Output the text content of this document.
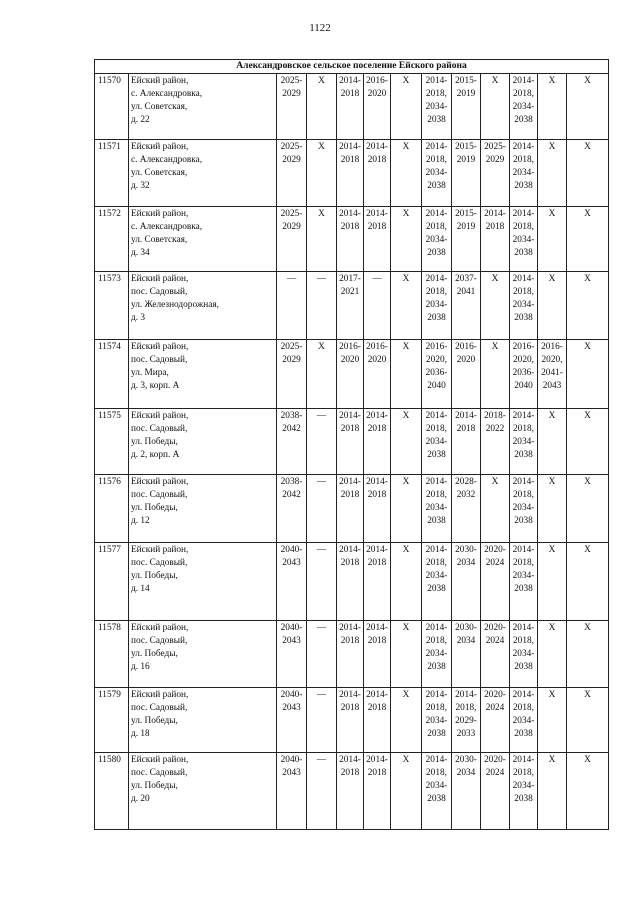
1122
Александровское сельское поселение Ейского района												
11570	Ейский район,
с. Александровка,
ул. Советская,
д. 22	2025-
2029	X	2014-
2018	2016-
2020	X	2014-
2018,
2034-
2038	2015-
2019	X	2014-
2018,
2034-
2038	X	X
11571	Ейский район,
с. Александровка,
ул. Советская,
д. 32	2025-
2029	X	2014-
2018	2014-
2018	X	2014-
2018,
2034-
2038	2015-
2019	2025-
2029	2014-
2018,
2034-
2038	X	X
11572	Ейский район,
с. Александровка,
ул. Советская,
д. 34	2025-
2029	X	2014-
2018	2014-
2018	X	2014-
2018,
2034-
2038	2015-
2019	2014-
2018	2014-
2018,
2034-
2038	X	X
11573	Ейский район,
пос. Садовый,
ул. Железнодорожная,
д. 3	—	—	2017-
2021	—	X	2014-
2018,
2034-
2038	2037-
2041	X	2014-
2018,
2034-
2038	X	X
11574	Ейский район,
пос. Садовый,
ул. Мира,
д. 3, корп. А	2025-
2029	X	2016-
2020	2016-
2020	X	2016-
2020,
2036-
2040	2016-
2020	X	2016-
2020,
2036-
2040	2016-
2020,
2041-
2043	X
11575	Ейский район,
пос. Садовый,
ул. Победы,
д. 2, корп. А	2038-
2042	—	2014-
2018	2014-
2018	X	2014-
2018,
2034-
2038	2014-
2018	2018-
2022	2014-
2018,
2034-
2038	X	X
11576	Ейский район,
пос. Садовый,
ул. Победы,
д. 12	2038-
2042	—	2014-
2018	2014-
2018	X	2014-
2018,
2034-
2038	2028-
2032	X	2014-
2018,
2034-
2038	X	X
11577	Ейский район,
пос. Садовый,
ул. Победы,
д. 14	2040-
2043	—	2014-
2018	2014-
2018	X	2014-
2018,
2034-
2038	2030-
2034	2020-
2024	2014-
2018,
2034-
2038	X	X
11578	Ейский район,
пос. Садовый,
ул. Победы,
д. 16	2040-
2043	—	2014-
2018	2014-
2018	X	2014-
2018,
2034-
2038	2030-
2034	2020-
2024	2014-
2018,
2034-
2038	X	X
11579	Ейский район,
пос. Садовый,
ул. Победы,
д. 18	2040-
2043	—	2014-
2018	2014-
2018	X	2014-
2018,
2034-
2038	2014-
2018,
2029-
2033	2020-
2024	2014-
2018,
2034-
2038	X	X
11580	Ейский район,
пос. Садовый,
ул. Победы,
д. 20	2040-
2043	—	2014-
2018	2014-
2018	X	2014-
2018,
2034-
2038	2030-
2034	2020-
2024	2014-
2018,
2034-
2038	X	X
